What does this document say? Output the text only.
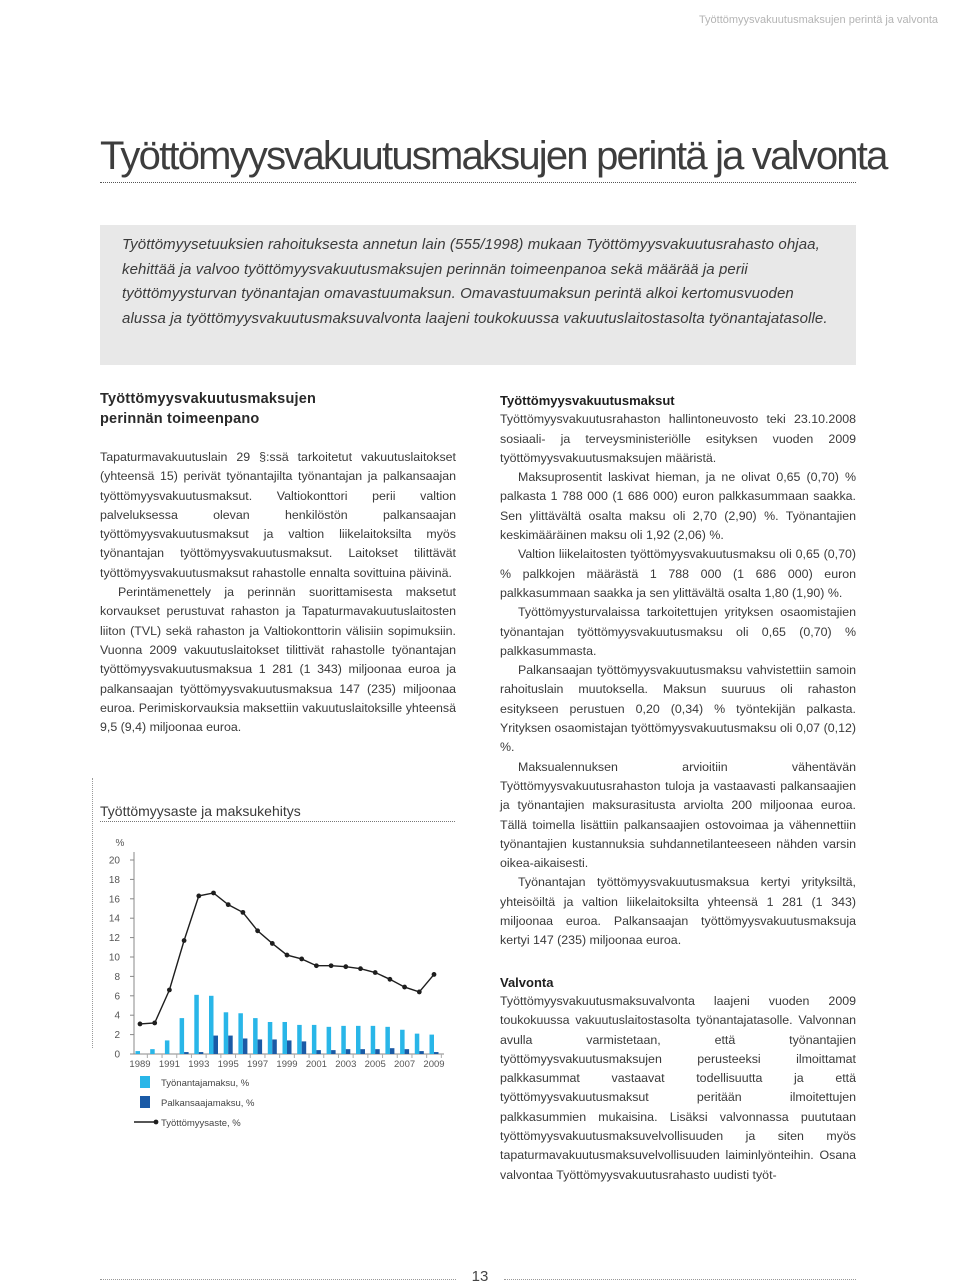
Työttömyysvakuutusmaksujen perintä ja valvonta
Työttömyysvakuutusmaksujen perintä ja valvonta

Työttömyysetuuksien rahoituksesta annetun lain (555/1998) mukaan Työttömyysvakuutusrahasto ohjaa, kehittää ja valvoo työttömyysvakuutusmaksujen perinnän toimeenpanoa sekä määrää ja perii työttömyysturvan työnantajan omavastuumaksun. Omavastuumaksun perintä alkoi kertomusvuoden alussa ja työttömyysvakuutusmaksuvalvonta laajeni toukokuussa vakuutuslaitostasolta työnantajatasolle.

Työttömyysvakuutusmaksujen perinnän toimeenpano

Tapaturmavakuutuslain 29 §:ssä tarkoitetut vakuutuslaitokset (yhteensä 15) perivät työnantajilta työnantajan ja palkansaajan työttömyysvakuutusmaksut. Valtiokonttori perii valtion palveluksessa olevan henkilöstön palkansaajan työttömyysvakuutusmaksut ja valtion liikelaitoksilta myös työnantajan työttömyysvakuutusmaksut. Laitokset tilittävät työttömyysvakuutusmaksut rahastolle ennalta sovittuina päivinä.

Perintämenettely ja perinnän suorittamisesta maksetut korvaukset perustuvat rahaston ja Tapaturmavakuutuslaitosten liiton (TVL) sekä rahaston ja Valtiokonttorin välisiin sopimuksiin. Vuonna 2009 vakuutuslaitokset tilittivät rahastolle työnantajan työttömyysvakuutusmaksua 1 281 (1 343) miljoonaa euroa ja palkansaajan työttömyysvakuutusmaksua 147 (235) miljoonaa euroa. Perimiskorvauksia maksettiin vakuutuslaitoksille yhteensä 9,5 (9,4) miljoonaa euroa.

Työttömyysvakuutusmaksut

Työttömyysvakuutusrahaston hallintoneuvosto teki 23.10.2008 sosiaali- ja terveysministeriölle esityksen vuoden 2009 työttömyysvakuutusmaksujen määristä.

Maksuprosentit laskivat hieman, ja ne olivat 0,65 (0,70) % palkasta 1 788 000 (1 686 000) euron palkkasummaan saakka. Sen ylittävältä osalta maksu oli 2,70 (2,90) %. Työnantajien keskimääräinen maksu oli 1,92 (2,06) %.

Valtion liikelaitosten työttömyysvakuutusmaksu oli 0,65 (0,70) % palkkojen määrästä 1 788 000 (1 686 000) euron palkkasummaan saakka ja sen ylittävältä osalta 1,80 (1,90) %.

Työttömyysturvalaissa tarkoitettujen yrityksen osaomistajien työnantajan työttömyysvakuutusmaksu oli 0,65 (0,70) % palkkasummasta.

Palkansaajan työttömyysvakuutusmaksu vahvistettiin samoin rahoituslain muutoksella. Maksun suuruus oli rahaston esitykseen perustuen 0,20 (0,34) % työntekijän palkasta. Yrityksen osaomistajan työttömyysvakuutusmaksu oli 0,07 (0,12) %.

Maksualennuksen arvioitiin vähentävän Työttömyysvakuutusrahaston tuloja ja vastaavasti palkansaajien ja työnantajien maksurasitusta arviolta 200 miljoonaa euroa. Tällä toimella lisättiin palkansaajien ostovoimaa ja vähennettiin työnantajien kustannuksia suhdannetilanteeseen nähden varsin oikea-aikaisesti.

Työnantajan työttömyysvakuutusmaksua kertyi yrityksiltä, yhteisöiltä ja valtion liikelaitoksilta yhteensä 1 281 (1 343) miljoonaa euroa. Palkansaajan työttömyysvakuutusmaksuja kertyi 147 (235) miljoonaa euroa.

Valvonta

Työttömyysvakuutusmaksuvalvonta laajeni vuoden 2009 toukokuussa vakuutuslaitostasolta työnantajatasolle. Valvonnan avulla varmistetaan, että työnantajien työttömyysvakuutusmaksujen perusteeksi ilmoittamat palkkasummat vastaavat todellisuutta ja että työttömyysvakuutusmaksut peritään ilmoitettujen palkkasummien mukaisina. Lisäksi valvonnassa puututaan työttömyysvakuutusmaksuvelvollisuuden ja siten myös tapaturmavakuutusmaksuvelvollisuuden laiminlyönteihin. Osana valvontaa Työttömyysvakuutusrahasto uudisti työt-

Työttömyysaste ja maksukehitys
%
0
2
4
6
8
10
12
14
16
18
20
1989 1991 1993 1995 1997 1999 2001 2003 2005 2007 2009
Työnantajamaksu, %
Palkansaajamaksu, %
Työttömyysaste, %
13
